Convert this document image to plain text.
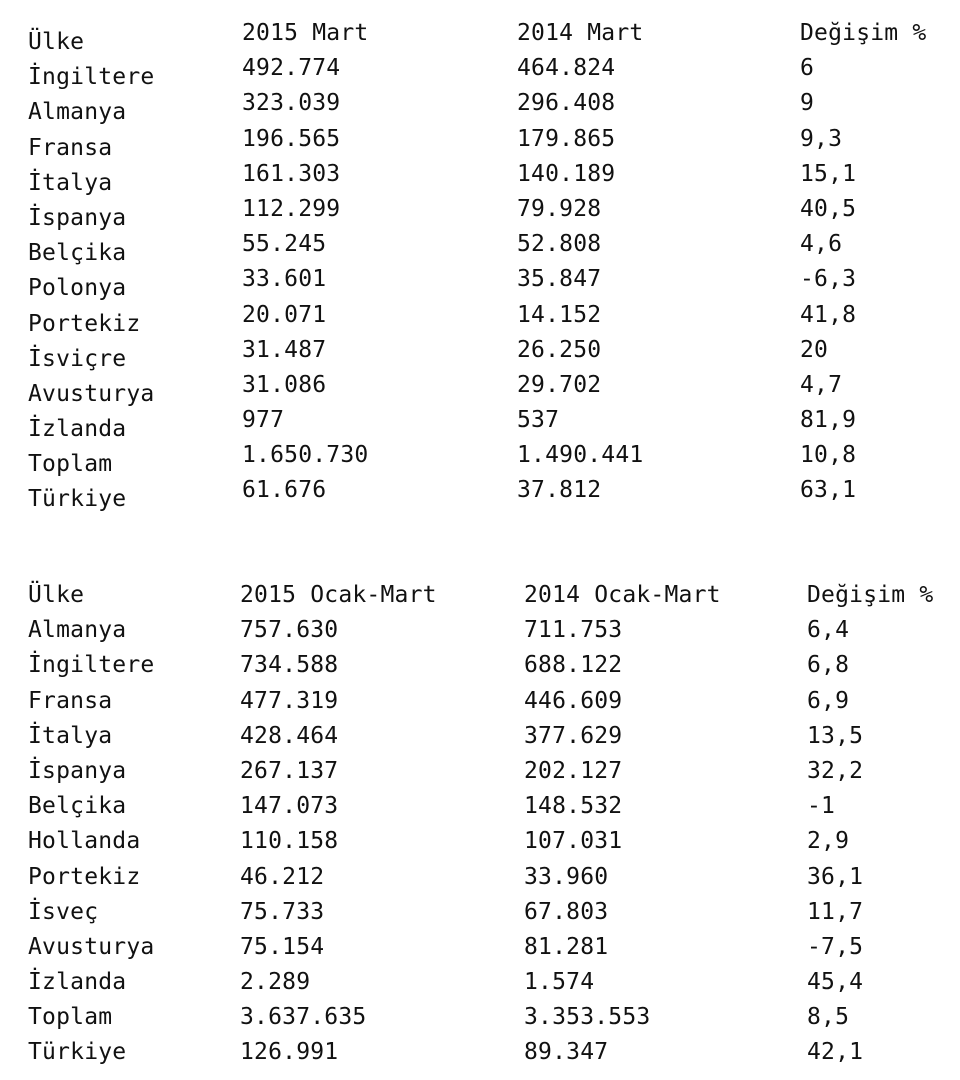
Ülke	2015 Mart	2014 Mart	Değişim %
İngiltere	492.774	464.824	6
Almanya	323.039	296.408	9
Fransa	196.565	179.865	9,3
İtalya	161.303	140.189	15,1
İspanya	112.299	79.928	40,5
Belçika	55.245	52.808	4,6
Polonya	33.601	35.847	-6,3
Portekiz	20.071	14.152	41,8
İsviçre	31.487	26.250	20
Avusturya	31.086	29.702	4,7
İzlanda	977	537	81,9
Toplam	1.650.730	1.490.441	10,8
Türkiye	61.676	37.812	63,1
Ülke	2015 Ocak-Mart	2014 Ocak-Mart	Değişim %
Almanya	757.630	711.753	6,4
İngiltere	734.588	688.122	6,8
Fransa	477.319	446.609	6,9
İtalya	428.464	377.629	13,5
İspanya	267.137	202.127	32,2
Belçika	147.073	148.532	-1
Hollanda	110.158	107.031	2,9
Portekiz	46.212	33.960	36,1
İsveç	75.733	67.803	11,7
Avusturya	75.154	81.281	-7,5
İzlanda	2.289	1.574	45,4
Toplam	3.637.635	3.353.553	8,5
Türkiye	126.991	89.347	42,1
